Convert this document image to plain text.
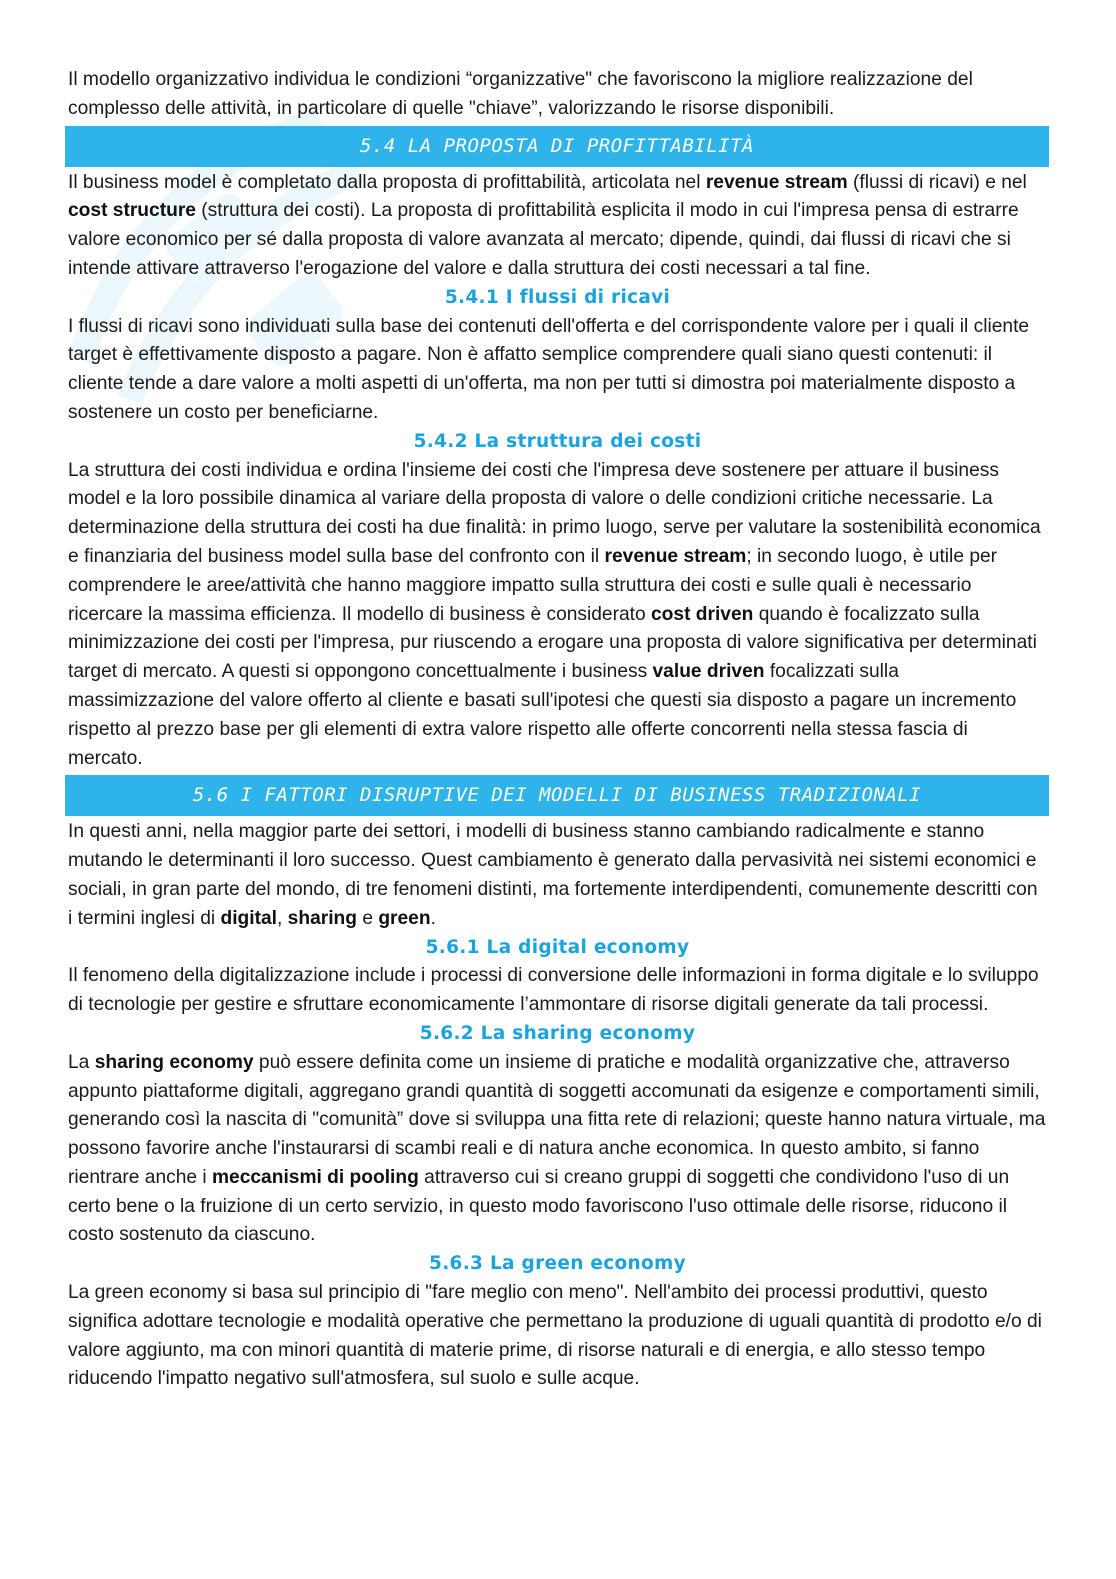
Il modello organizzativo individua le condizioni “organizzative" che favoriscono la migliore realizzazione del complesso delle attività, in particolare di quelle "chiave”, valorizzando le risorse disponibili.

5.4 LA PROPOSTA DI PROFITTABILITÀ

Il business model è completato dalla proposta di profittabilità, articolata nel revenue stream (flussi di ricavi) e nel cost structure (struttura dei costi). La proposta di profittabilità esplicita il modo in cui l'impresa pensa di estrarre valore economico per sé dalla proposta di valore avanzata al mercato; dipende, quindi, dai flussi di ricavi che si intende attivare attraverso l'erogazione del valore e dalla struttura dei costi necessari a tal fine.

5.4.1 I flussi di ricavi

I flussi di ricavi sono individuati sulla base dei contenuti dell'offerta e del corrispondente valore per i quali il cliente target è effettivamente disposto a pagare. Non è affatto semplice comprendere quali siano questi contenuti: il cliente tende a dare valore a molti aspetti di un'offerta, ma non per tutti si dimostra poi materialmente disposto a sostenere un costo per beneficiarne.

5.4.2 La struttura dei costi

La struttura dei costi individua e ordina l'insieme dei costi che l'impresa deve sostenere per attuare il business model e la loro possibile dinamica al variare della proposta di valore o delle condizioni critiche necessarie. La determinazione della struttura dei costi ha due finalità: in primo luogo, serve per valutare la sostenibilità economica e finanziaria del business model sulla base del confronto con il revenue stream; in secondo luogo, è utile per comprendere le aree/attività che hanno maggiore impatto sulla struttura dei costi e sulle quali è necessario ricercare la massima efficienza. Il modello di business è considerato cost driven quando è focalizzato sulla minimizzazione dei costi per l'impresa, pur riuscendo a erogare una proposta di valore significativa per determinati target di mercato. A questi si oppongono concettualmente i business value driven focalizzati sulla massimizzazione del valore offerto al cliente e basati sull'ipotesi che questi sia disposto a pagare un incremento rispetto al prezzo base per gli elementi di extra valore rispetto alle offerte concorrenti nella stessa fascia di mercato.

5.6 I FATTORI DISRUPTIVE DEI MODELLI DI BUSINESS TRADIZIONALI

In questi anni, nella maggior parte dei settori, i modelli di business stanno cambiando radicalmente e stanno mutando le determinanti il loro successo. Quest cambiamento è generato dalla pervasività nei sistemi economici e sociali, in gran parte del mondo, di tre fenomeni distinti, ma fortemente interdipendenti, comunemente descritti con i termini inglesi di digital, sharing e green.

5.6.1 La digital economy

Il fenomeno della digitalizzazione include i processi di conversione delle informazioni in forma digitale e lo sviluppo di tecnologie per gestire e sfruttare economicamente l’ammontare di risorse digitali generate da tali processi.

5.6.2 La sharing economy

La sharing economy può essere definita come un insieme di pratiche e modalità organizzative che, attraverso appunto piattaforme digitali, aggregano grandi quantità di soggetti accomunati da esigenze e comportamenti simili, generando così la nascita di "comunità” dove si sviluppa una fitta rete di relazioni; queste hanno natura virtuale, ma possono favorire anche l'instaurarsi di scambi reali e di natura anche economica. In questo ambito, si fanno rientrare anche i meccanismi di pooling attraverso cui si creano gruppi di soggetti che condividono l'uso di un certo bene o la fruizione di un certo servizio, in questo modo favoriscono l'uso ottimale delle risorse, riducono il costo sostenuto da ciascuno.

5.6.3 La green economy

La green economy si basa sul principio di "fare meglio con meno". Nell'ambito dei processi produttivi, questo significa adottare tecnologie e modalità operative che permettano la produzione di uguali quantità di prodotto e/o di valore aggiunto, ma con minori quantità di materie prime, di risorse naturali e di energia, e allo stesso tempo riducendo l'impatto negativo sull'atmosfera, sul suolo e sulle acque.
